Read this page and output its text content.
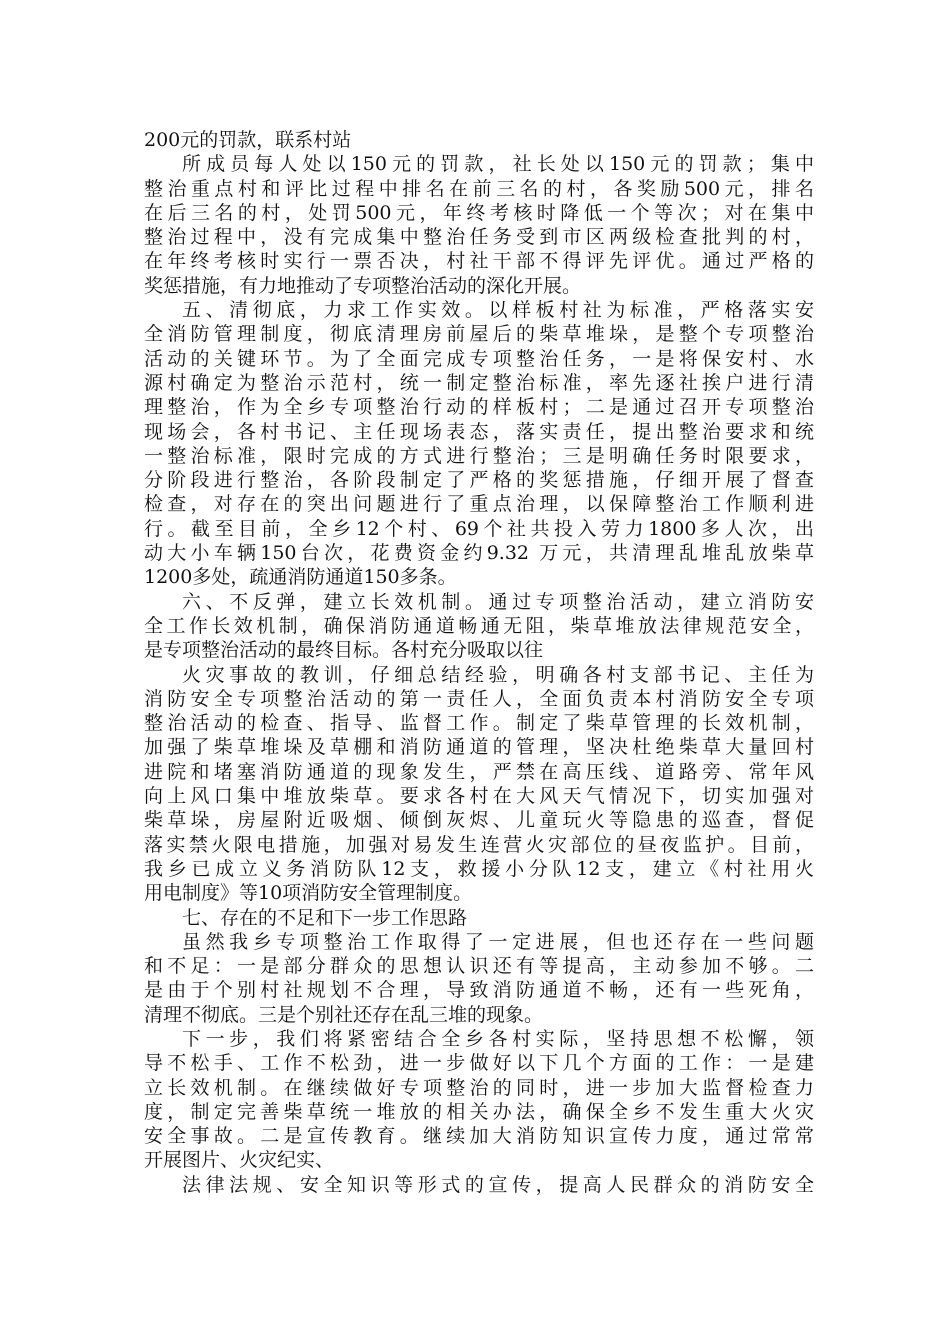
200元的罚款，联系村站
所成员每人处以150元的罚款，社长处以150元的罚款；集中
整治重点村和评比过程中排名在前三名的村，各奖励500元，排名
在后三名的村，处罚500元，年终考核时降低一个等次；对在集中
整治过程中，没有完成集中整治任务受到市区两级检查批判的村，
在年终考核时实行一票否决，村社干部不得评先评优。通过严格的
奖惩措施，有力地推动了专项整治活动的深化开展。
五、清彻底，力求工作实效。以样板村社为标准，严格落实安
全消防管理制度，彻底清理房前屋后的柴草堆垛，是整个专项整治
活动的关键环节。为了全面完成专项整治任务，一是将保安村、水
源村确定为整治示范村，统一制定整治标准，率先逐社挨户进行清
理整治，作为全乡专项整治行动的样板村；二是通过召开专项整治
现场会，各村书记、主任现场表态，落实责任，提出整治要求和统
一整治标准，限时完成的方式进行整治；三是明确任务时限要求，
分阶段进行整治，各阶段制定了严格的奖惩措施，仔细开展了督查
检查，对存在的突出问题进行了重点治理，以保障整治工作顺利进
行。截至目前，全乡12个村、69个社共投入劳力1800多人次，出
动大小车辆150台次，花费资金约9.32 万元，共清理乱堆乱放柴草
1200多处，疏通消防通道150多条。
六、不反弹，建立长效机制。通过专项整治活动，建立消防安
全工作长效机制，确保消防通道畅通无阻，柴草堆放法律规范安全，
是专项整治活动的最终目标。各村充分吸取以往
火灾事故的教训，仔细总结经验，明确各村支部书记、主任为
消防安全专项整治活动的第一责任人，全面负责本村消防安全专项
整治活动的检查、指导、监督工作。制定了柴草管理的长效机制，
加强了柴草堆垛及草棚和消防通道的管理，坚决杜绝柴草大量回村
进院和堵塞消防通道的现象发生，严禁在高压线、道路旁、常年风
向上风口集中堆放柴草。要求各村在大风天气情况下，切实加强对
柴草垛，房屋附近吸烟、倾倒灰烬、儿童玩火等隐患的巡查，督促
落实禁火限电措施，加强对易发生连营火灾部位的昼夜监护。目前，
我乡已成立义务消防队12支，救援小分队12支，建立《村社用火
用电制度》等10项消防安全管理制度。
七、存在的不足和下一步工作思路
虽然我乡专项整治工作取得了一定进展，但也还存在一些问题
和不足：一是部分群众的思想认识还有等提高，主动参加不够。二
是由于个别村社规划不合理，导致消防通道不畅，还有一些死角，
清理不彻底。三是个别社还存在乱三堆的现象。
下一步，我们将紧密结合全乡各村实际，坚持思想不松懈，领
导不松手、工作不松劲，进一步做好以下几个方面的工作：一是建
立长效机制。在继续做好专项整治的同时，进一步加大监督检查力
度，制定完善柴草统一堆放的相关办法，确保全乡不发生重大火灾
安全事故。二是宣传教育。继续加大消防知识宣传力度，通过常常
开展图片、火灾纪实、
法律法规、安全知识等形式的宣传，提高人民群众的消防安全
